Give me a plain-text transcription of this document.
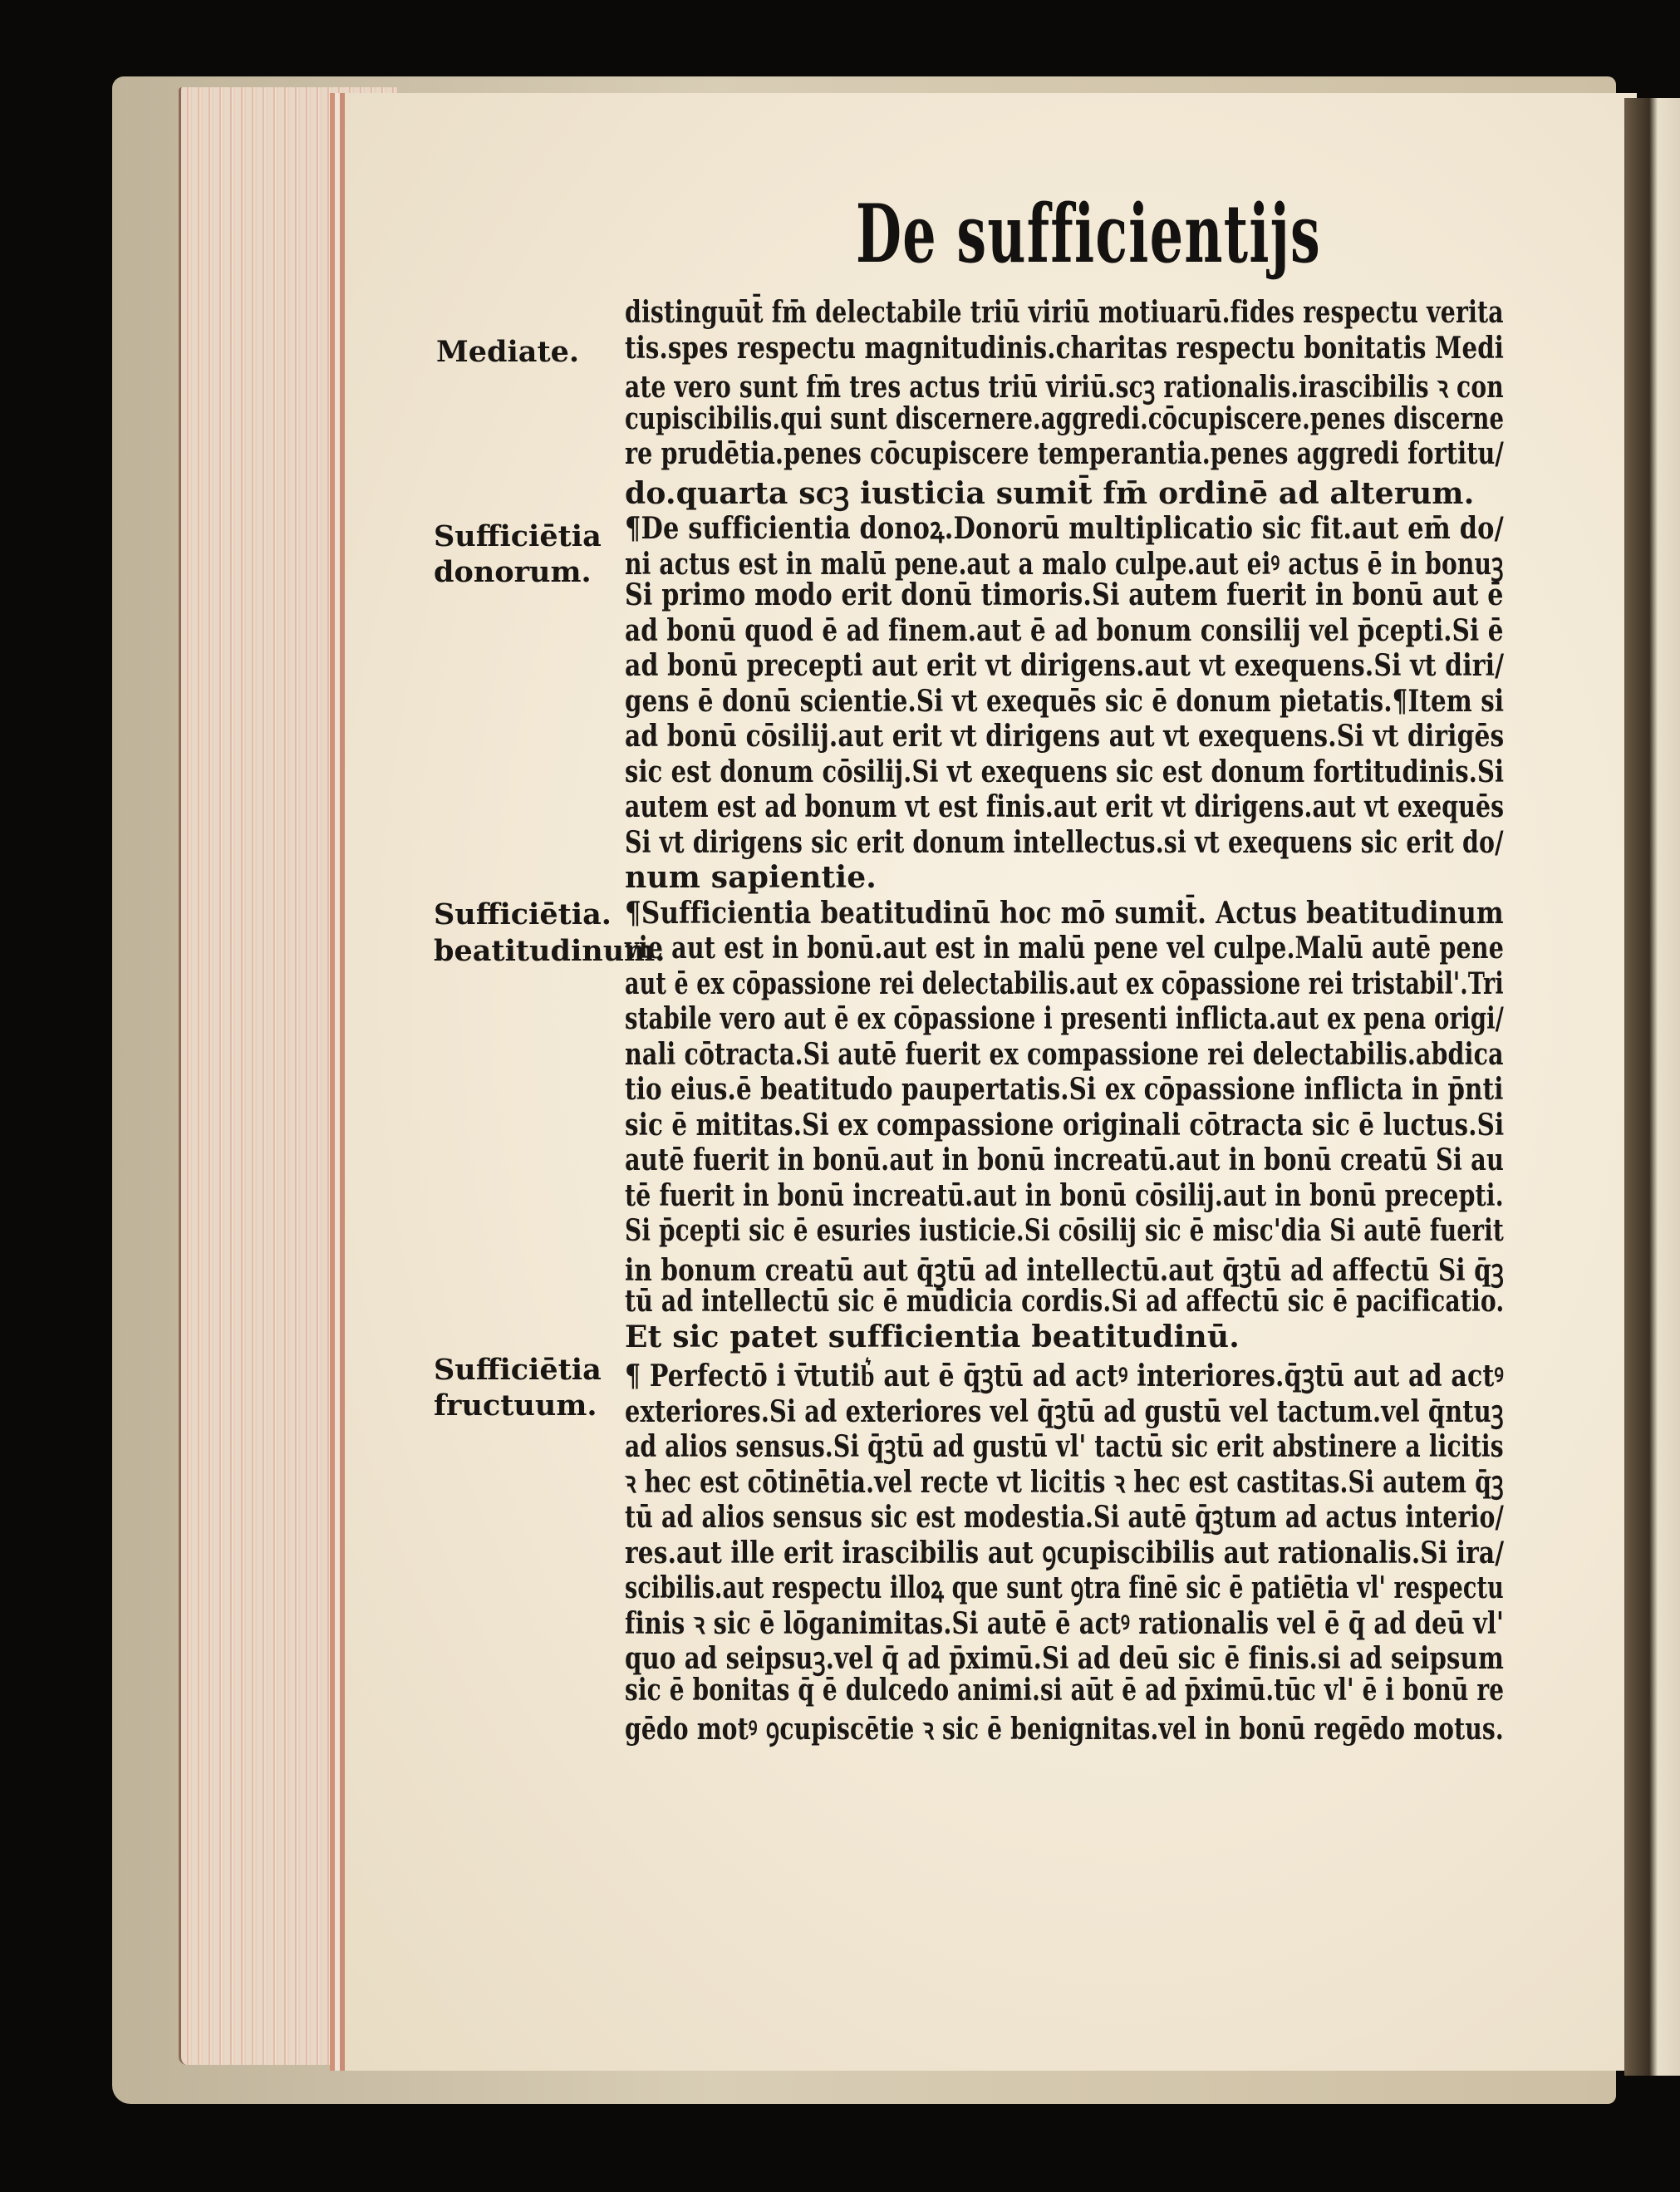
De sufficientijs
Mediate.
Sufficiētia
donorum.
Sufficiētia.
beatitudinum.
Sufficiētia
fructuum.
distinguūt̄ fm̄ delectabile triū viriū motiuarū.fides respectu verita
tis.spes respectu magnitudinis.charitas respectu bonitatis Medi
ate vero sunt fm̄ tres actus triū viriū.scꝫ rationalis.irascibilis ꝛ con
cupiscibilis.qui sunt discernere.aggredi.cōcupiscere.penes discerne
re prudētia.penes cōcupiscere temperantia.penes aggredi fortitu/
do.quarta scꝫ iusticia sumit̄ fm̄ ordinē ad alterum.
¶De sufficientia donoꝝ.Donorū multiplicatio sic fit.aut em̄ do/
ni actus est in malū pene.aut a malo culpe.aut eiꝰ actus ē in bonuꝫ
Si primo modo erit donū timoris.Si autem fuerit in bonū aut ē
ad bonū quod ē ad finem.aut ē ad bonum consilij vel p̄cepti.Si ē
ad bonū precepti aut erit vt dirigens.aut vt exequens.Si vt diri/
gens ē donū scientie.Si vt exequēs sic ē donum pietatis.¶Item si
ad bonū cōsilij.aut erit vt dirigens aut vt exequens.Si vt dirigēs
sic est donum cōsilij.Si vt exequens sic est donum fortitudinis.Si
autem est ad bonum vt est finis.aut erit vt dirigens.aut vt exequēs
Si vt dirigens sic erit donum intellectus.si vt exequens sic erit do/
num sapientie.
¶Sufficientia beatitudinū hoc mō sumit̄. Actus beatitudinum
vie aut est in bonū.aut est in malū pene vel culpe.Malū autē pene
aut ē ex cōpassione rei delectabilis.aut ex cōpassione rei tristabil'.Tri
stabile vero aut ē ex cōpassione i presenti inflicta.aut ex pena origi/
nali cōtracta.Si autē fuerit ex compassione rei delectabilis.abdica
tio eius.ē beatitudo paupertatis.Si ex cōpassione inflicta in p̄nti
sic ē mititas.Si ex compassione originali cōtracta sic ē luctus.Si
autē fuerit in bonū.aut in bonū increatū.aut in bonū creatū Si au
tē fuerit in bonū increatū.aut in bonū cōsilij.aut in bonū precepti.
Si p̄cepti sic ē esuries iusticie.Si cōsilij sic ē misc'dia Si autē fuerit
in bonum creatū aut q̄ꝫtū ad intellectū.aut q̄ꝫtū ad affectū Si q̄ꝫ
tū ad intellectū sic ē mūdicia cordis.Si ad affectū sic ē pacificatio.
Et sic patet sufficientia beatitudinū.
¶ Perfectō i v̄tutib͛ aut ē q̄ꝫtū ad actꝰ interiores.q̄ꝫtū aut ad actꝰ
exteriores.Si ad exteriores vel q̄ꝫtū ad gustū vel tactum.vel q̄ntuꝫ
ad alios sensus.Si q̄ꝫtū ad gustū vl' tactū sic erit abstinere a licitis
ꝛ hec est cōtinētia.vel recte vt licitis ꝛ hec est castitas.Si autem q̄ꝫ
tū ad alios sensus sic est modestia.Si autē q̄ꝫtum ad actus interio/
res.aut ille erit irascibilis aut ꝯcupiscibilis aut rationalis.Si ira/
scibilis.aut respectu illoꝝ que sunt ꝯtra finē sic ē patiētia vl' respectu
finis ꝛ sic ē lōganimitas.Si autē ē actꝰ rationalis vel ē q̄ ad deū vl'
quo ad seipsuꝫ.vel q̄ ad p̄ximū.Si ad deū sic ē finis.si ad seipsum
sic ē bonitas q̄ ē dulcedo animi.si aūt ē ad p̄ximū.tūc vl' ē i bonū re
gēdo motꝰ ꝯcupiscētie ꝛ sic ē benignitas.vel in bonū regēdo motus.
